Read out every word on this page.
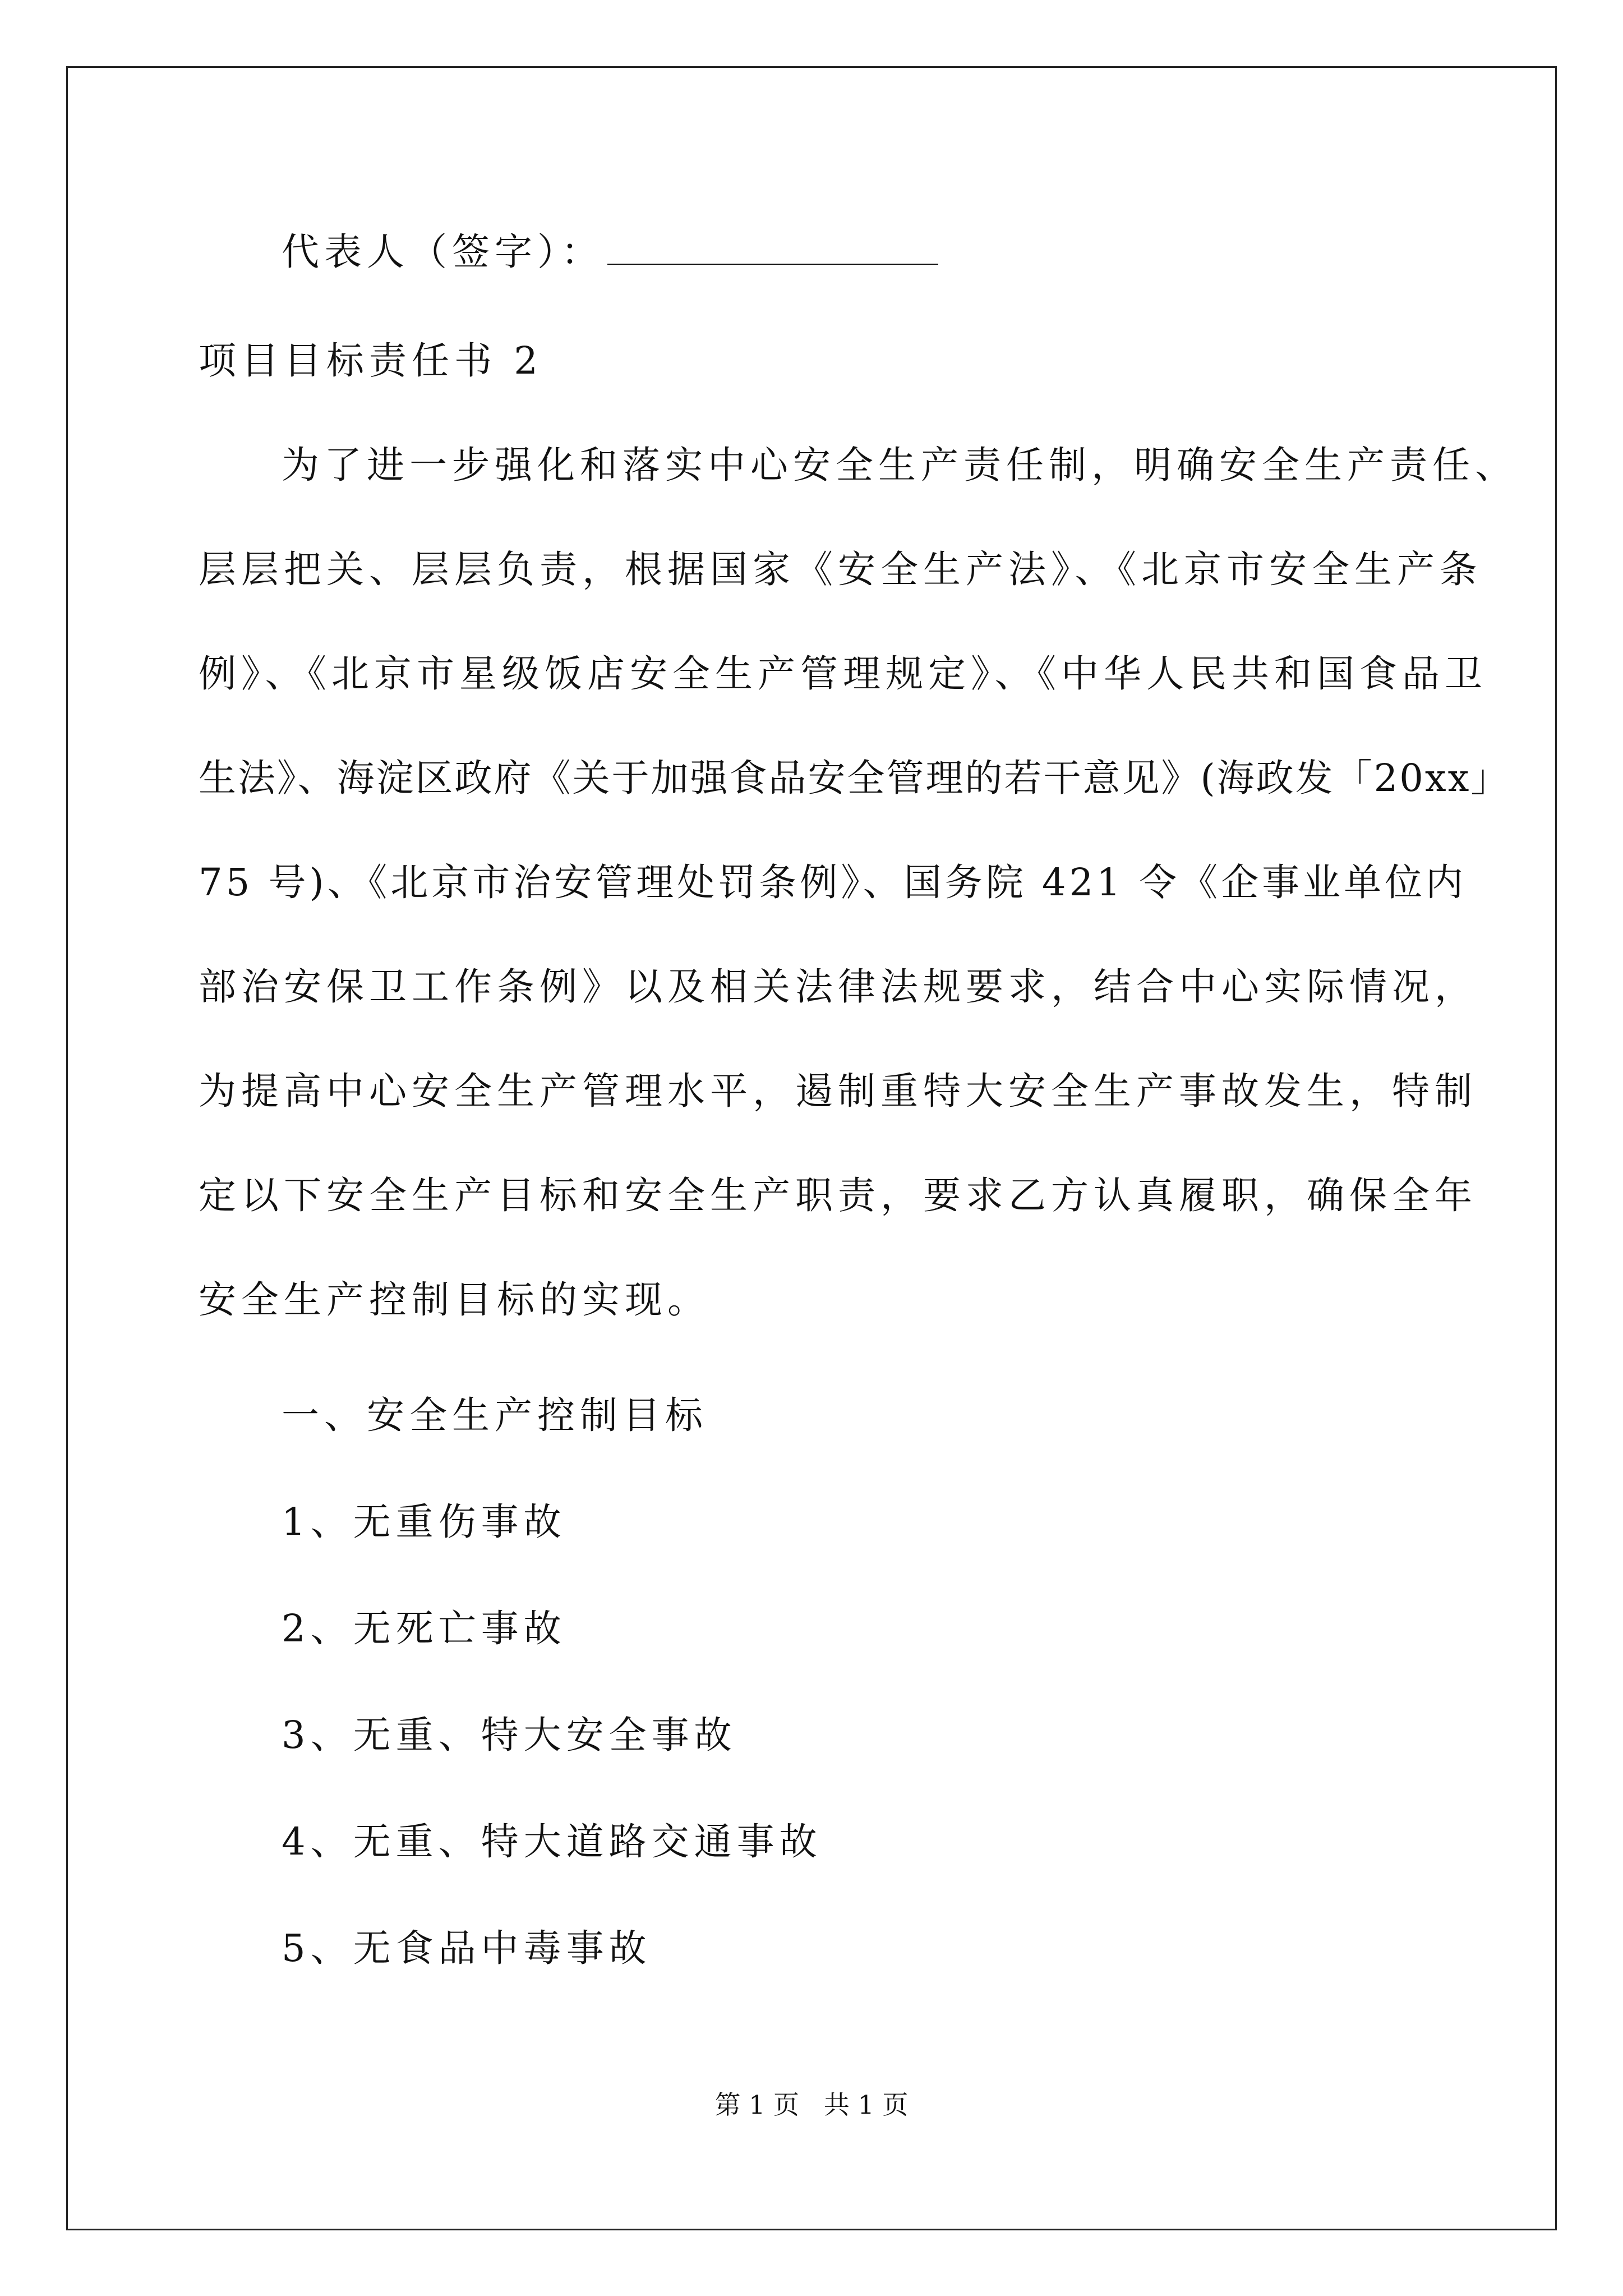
代表人（签字）：
项目目标责任书 2
为了进一步强化和落实中心安全生产责任制，明确安全生产责任、
层层把关、层层负责，根据国家《安全生产法》、《北京市安全生产条
例》、《北京市星级饭店安全生产管理规定》、《中华人民共和国食品卫
生法》、海淀区政府《关于加强食品安全管理的若干意见》(海政发「20xx」
75 号)、《北京市治安管理处罚条例》、国务院 421 令《企事业单位内
部治安保卫工作条例》以及相关法律法规要求，结合中心实际情况，
为提高中心安全生产管理水平，遏制重特大安全生产事故发生，特制
定以下安全生产目标和安全生产职责，要求乙方认真履职，确保全年
安全生产控制目标的实现。
一、安全生产控制目标
1、无重伤事故
2、无死亡事故
3、无重、特大安全事故
4、无重、特大道路交通事故
5、无食品中毒事故
第 1 页   共 1 页
